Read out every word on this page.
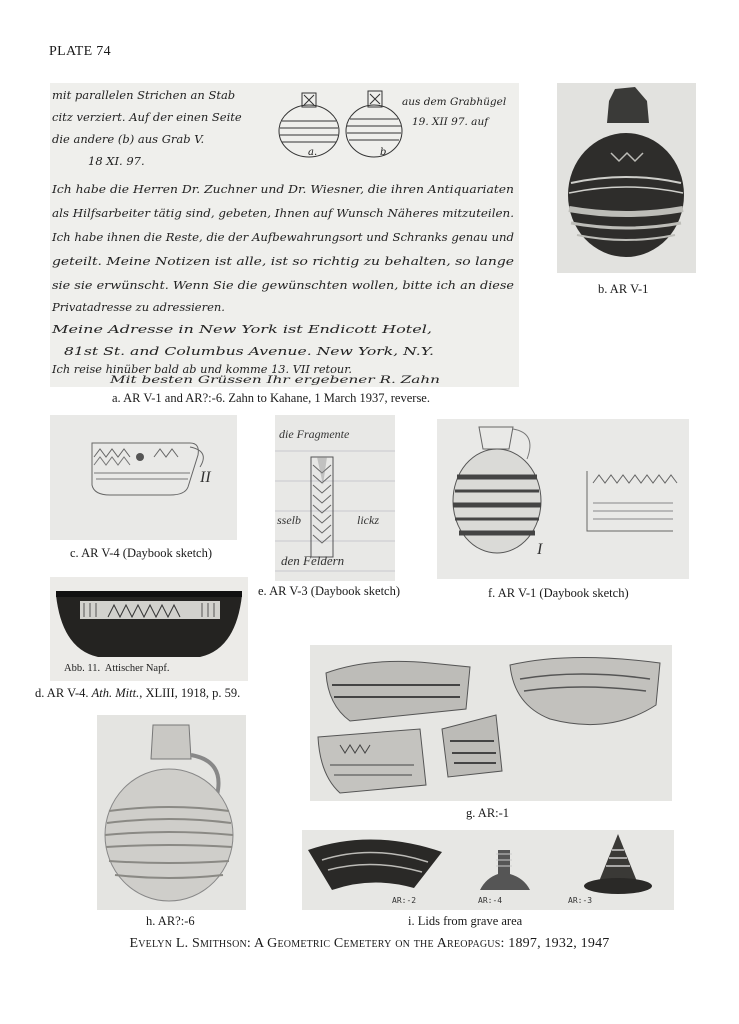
PLATE 74
mit parallelen Strichen an Stab
citz verziert. Auf der einen Seite
die andere (b) aus Grab V.
18 XI. 97.
Ich habe die Herren Dr. Zuchner und Dr. Wiesner, die ihren Antiquariaten
als Hilfsarbeiter tätig sind, gebeten, Ihnen auf Wunsch Näheres mitzuteilen.
Ich habe ihnen die Reste, die der Aufbewahrungsort und Schranks genau und
geteilt. Meine Notizen ist alle, ist so richtig zu behalten, so lange
sie sie erwünscht. Wenn Sie die gewünschten wollen, bitte ich an diese
Privatadresse zu adressieren.
Meine Adresse in New York ist Endicott Hotel,
81st St. and Columbus Avenue. New York, N.Y.
Ich reise hinüber bald ab und komme 13. VII retour.
Mit besten Grüssen Ihr ergebener R. Zahn
aus dem Grabhügel
19. XII 97. auf
a.	b
a. AR V-1 and AR?:-6. Zahn to Kahane, 1 March 1937, reverse.
b. AR V-1
II
c. AR V-4 (Daybook sketch)
die Fragmente
sselb	lickz
den Feldern
e. AR V-3 (Daybook sketch)
I
f. AR V-1 (Daybook sketch)
Abb. 11.  Attischer Napf.
d. AR V-4. Ath. Mitt., XLIII, 1918, p. 59.
g. AR:-1
h. AR?:-6
AR:-2	AR:-4	AR:-3
i. Lids from grave area
Evelyn L. Smithson: A Geometric Cemetery on the Areopagus: 1897, 1932, 1947
